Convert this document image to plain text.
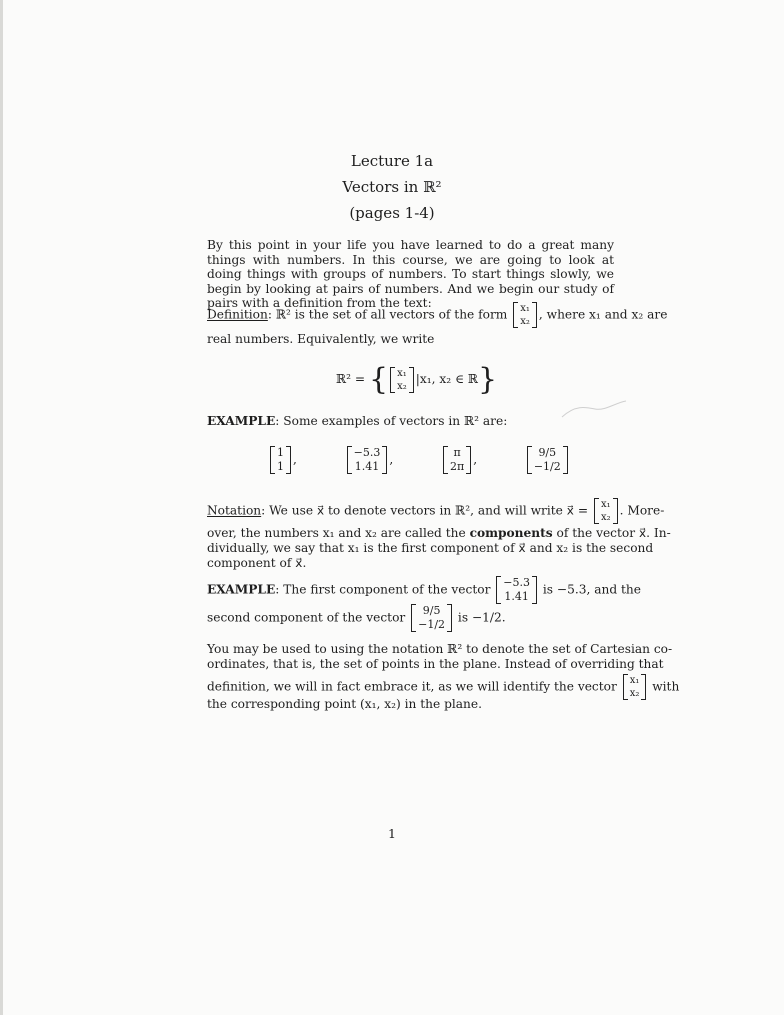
Lecture 1a
Vectors in ℝ²
(pages 1-4)
By this point in your life you have learned to do a great many things with numbers. In this course, we are going to look at doing things with groups of numbers. To start things slowly, we begin by looking at pairs of numbers. And we begin our study of pairs with a definition from the text:
Definition: ℝ² is the set of all vectors of the form x₁
x₂ , where x₁ and x₂ are
real numbers. Equivalently, we write
ℝ² = { x₁
x₂ |x₁, x₂ ∈ ℝ}
EXAMPLE: Some examples of vectors in ℝ² are:
1
1 ,	−5.3
1.41 ,	π
2π ,	9/5
−1/2
Notation: We use x⃗ to denote vectors in ℝ², and will write x⃗ = x₁
x₂ . More-
over, the numbers x₁ and x₂ are called the components of the vector x⃗. In-
dividually, we say that x₁ is the first component of x⃗ and x₂ is the second
component of x⃗.
EXAMPLE: The first component of the vector −5.3
1.41 is −5.3, and the
second component of the vector	9/5
−1/2 is −1/2.
You may be used to using the notation ℝ² to denote the set of Cartesian co-
ordinates, that is, the set of points in the plane. Instead of overriding that
definition, we will in fact embrace it, as we will identify the vector x₁
x₂ with
the corresponding point (x₁, x₂) in the plane.
1
